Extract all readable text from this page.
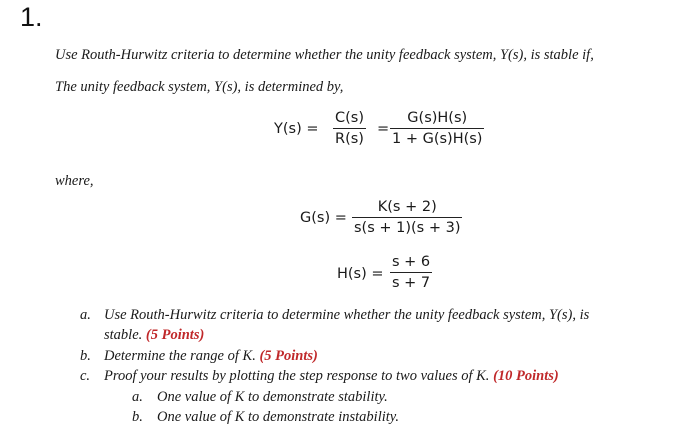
1.
Use Routh-Hurwitz criteria to determine whether the unity feedback system, Y(s), is stable if,
The unity feedback system, Y(s), is determined by,
Y(s) =
C(s)
R(s)
=
G(s)H(s)
1 + G(s)H(s)
where,
G(s) =
K(s + 2)
s(s + 1)(s + 3)
H(s) =
s + 6
s + 7
a. Use Routh-Hurwitz criteria to determine whether the unity feedback system, Y(s), is
stable. (5 Points)
b. Determine the range of K. (5 Points)
c. Proof your results by plotting the step response to two values of K. (10 Points)
a. One value of K to demonstrate stability.
b. One value of K to demonstrate instability.
